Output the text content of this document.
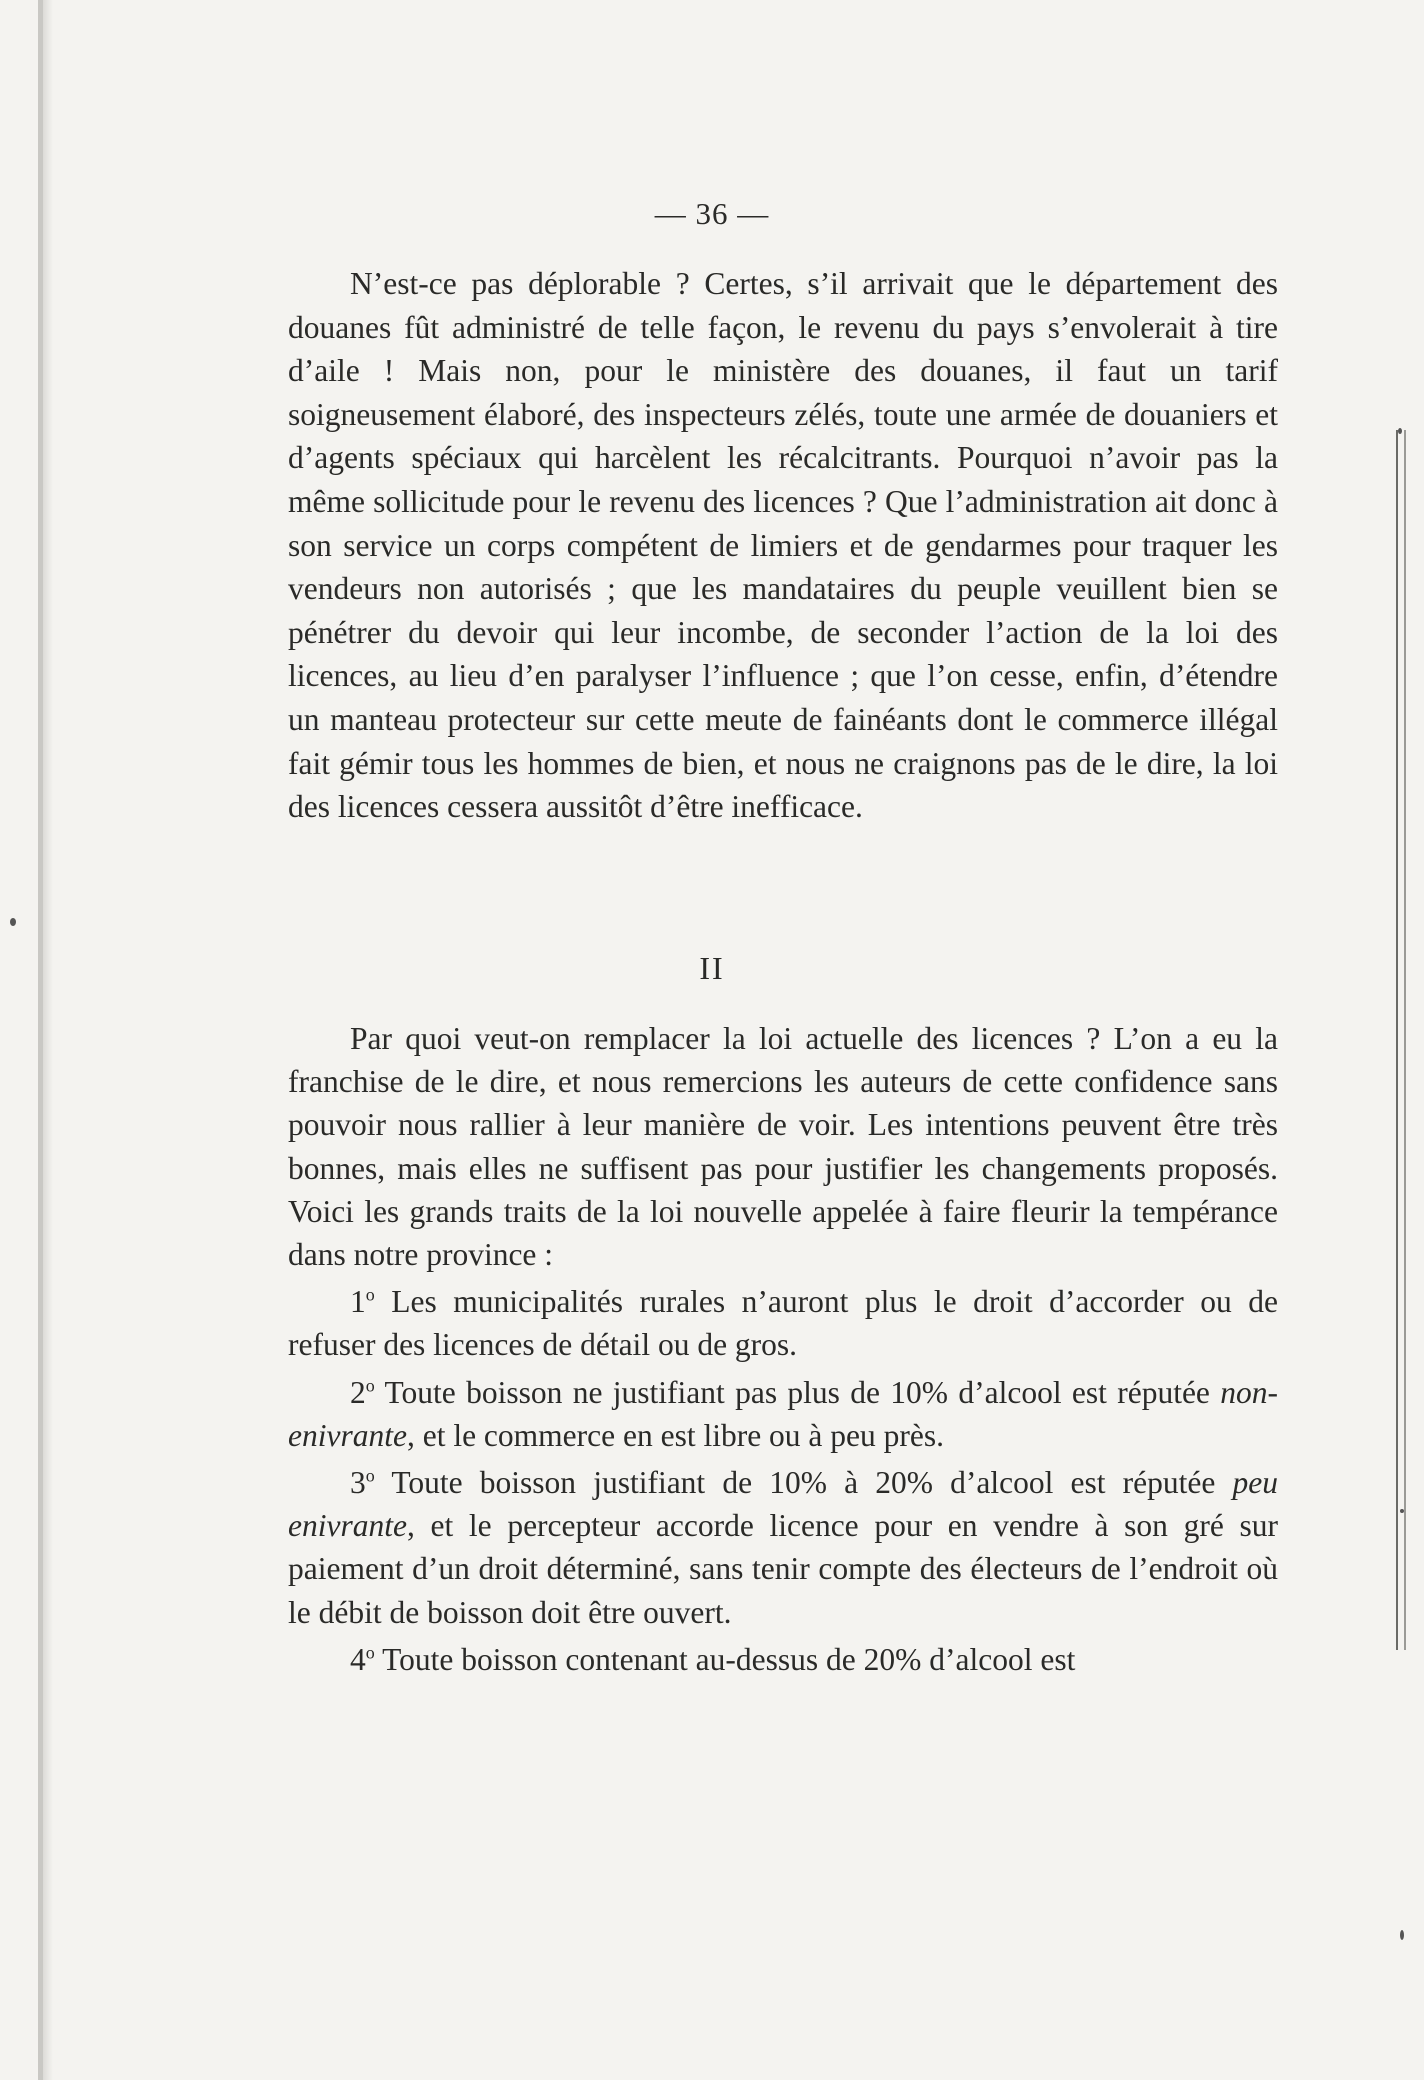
— 36 —

N’est-ce pas déplorable ? Certes, s’il arrivait que le département des douanes fût administré de telle façon, le revenu du pays s’envolerait à tire d’aile ! Mais non, pour le ministère des douanes, il faut un tarif soigneusement élaboré, des inspecteurs zélés, toute une armée de douaniers et d’agents spéciaux qui harcèlent les récalcitrants. Pourquoi n’avoir pas la même sollicitude pour le revenu des licences ? Que l’administration ait donc à son service un corps compétent de limiers et de gendarmes pour traquer les vendeurs non autorisés ; que les mandataires du peuple veuillent bien se pénétrer du devoir qui leur incombe, de seconder l’action de la loi des licences, au lieu d’en paralyser l’influence ; que l’on cesse, enfin, d’étendre un manteau protecteur sur cette meute de fainéants dont le commerce illégal fait gémir tous les hommes de bien, et nous ne craignons pas de le dire, la loi des licences cessera aussitôt d’être inefficace.

II

Par quoi veut-on remplacer la loi actuelle des licences ? L’on a eu la franchise de le dire, et nous remercions les auteurs de cette confidence sans pouvoir nous rallier à leur manière de voir. Les intentions peuvent être très bonnes, mais elles ne suffisent pas pour justifier les changements proposés. Voici les grands traits de la loi nouvelle appelée à faire fleurir la tempérance dans notre province :

1$^o$ Les municipalités rurales n’auront plus le droit d’accorder ou de refuser des licences de détail ou de gros.

2$^o$ Toute boisson ne justifiant pas plus de 10% d’alcool est réputée non-enivrante, et le commerce en est libre ou à peu près.

3$^o$ Toute boisson justifiant de 10% à 20% d’alcool est réputée peu enivrante, et le percepteur accorde licence pour en vendre à son gré sur paiement d’un droit déterminé, sans tenir compte des électeurs de l’endroit où le débit de boisson doit être ouvert.

4$^o$ Toute boisson contenant au-dessus de 20% d’alcool est
